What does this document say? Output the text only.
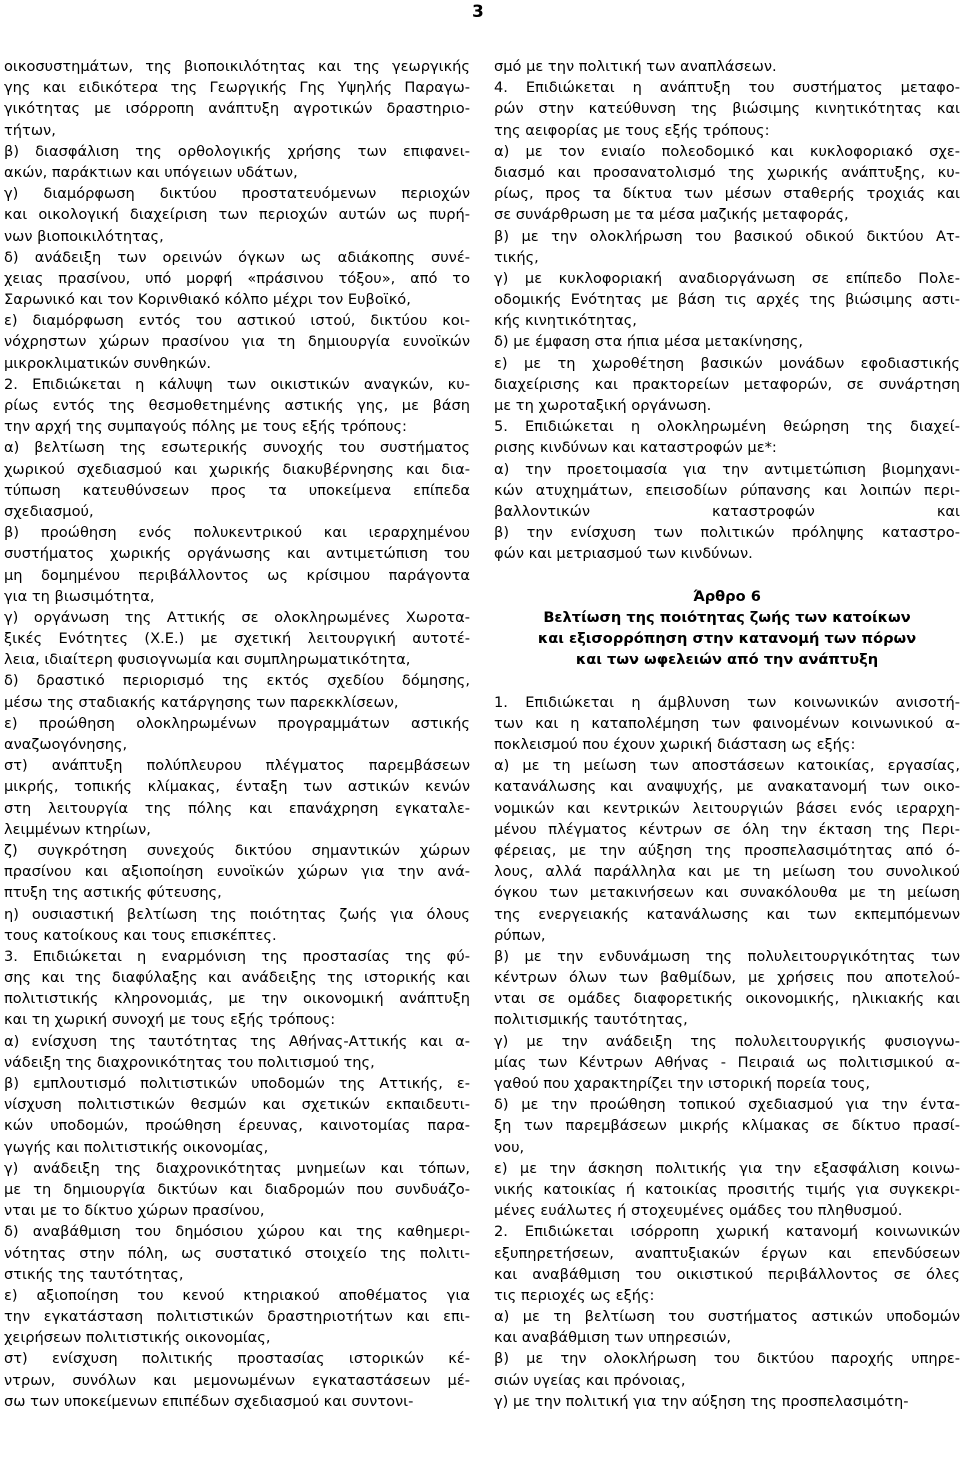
3
οικοσυστημάτων, της βιοποικιλότητας και της γεωργικής
γης και ειδικότερα της Γεωργικής Γης Υψηλής Παραγω-
γικότητας με ισόρροπη ανάπτυξη αγροτικών δραστηριο-
τήτων,
β) διασφάλιση της ορθολογικής χρήσης των επιφανει-
ακών, παράκτιων και υπόγειων υδάτων,
γ) διαμόρφωση δικτύου προστατευόμενων περιοχών
και οικολογική διαχείριση των περιοχών αυτών ως πυρή-
νων βιοποικιλότητας,
δ) ανάδειξη των ορεινών όγκων ως αδιάκοπης συνέ-
χειας πρασίνου, υπό μορφή «πράσινου τόξου», από το
Σαρωνικό και τον Κορινθιακό κόλπο μέχρι τον Ευβοϊκό,
ε) διαμόρφωση εντός του αστικού ιστού, δικτύου κοι-
νόχρηστων χώρων πρασίνου για τη δημιουργία ευνοϊκών
μικροκλιματικών συνθηκών.
2. Επιδιώκεται η κάλυψη των οικιστικών αναγκών, κυ-
ρίως εντός της θεσμοθετημένης αστικής γης, με βάση
την αρχή της συμπαγούς πόλης με τους εξής τρόπους:
α) βελτίωση της εσωτερικής συνοχής του συστήματος
χωρικού σχεδιασμού και χωρικής διακυβέρνησης και δια-
τύπωση κατευθύνσεων προς τα υποκείμενα επίπεδα
σχεδιασμού,
β) προώθηση ενός πολυκεντρικού και ιεραρχημένου
συστήματος χωρικής οργάνωσης και αντιμετώπιση του
μη δομημένου περιβάλλοντος ως κρίσιμου παράγοντα
για τη βιωσιμότητα,
γ) οργάνωση της Αττικής σε ολοκληρωμένες Χωροτα-
ξικές Ενότητες (Χ.Ε.) με σχετική λειτουργική αυτοτέ-
λεια, ιδιαίτερη φυσιογνωμία και συμπληρωματικότητα,
δ) δραστικό περιορισμό της εκτός σχεδίου δόμησης,
μέσω της σταδιακής κατάργησης των παρεκκλίσεων,
ε) προώθηση ολοκληρωμένων προγραμμάτων αστικής
αναζωογόνησης,
στ) ανάπτυξη πολύπλευρου πλέγματος παρεμβάσεων
μικρής, τοπικής κλίμακας, ένταξη των αστικών κενών
στη λειτουργία της πόλης και επανάχρηση εγκαταλε-
λειμμένων κτηρίων,
ζ) συγκρότηση συνεχούς δικτύου σημαντικών χώρων
πρασίνου και αξιοποίηση ευνοϊκών χώρων για την ανά-
πτυξη της αστικής φύτευσης,
η) ουσιαστική βελτίωση της ποιότητας ζωής για όλους
τους κατοίκους και τους επισκέπτες.
3. Επιδιώκεται η εναρμόνιση της προστασίας της φύ-
σης και της διαφύλαξης και ανάδειξης της ιστορικής και
πολιτιστικής κληρονομιάς, με την οικονομική ανάπτυξη
και τη χωρική συνοχή με τους εξής τρόπους:
α) ενίσχυση της ταυτότητας της Αθήνας-Αττικής και α-
νάδειξη της διαχρονικότητας του πολιτισμού της,
β) εμπλουτισμό πολιτιστικών υποδομών της Αττικής, ε-
νίσχυση πολιτιστικών θεσμών και σχετικών εκπαιδευτι-
κών υποδομών, προώθηση έρευνας, καινοτομίας παρα-
γωγής και πολιτιστικής οικονομίας,
γ) ανάδειξη της διαχρονικότητας μνημείων και τόπων,
με τη δημιουργία δικτύων και διαδρομών που συνδυάζο-
νται με το δίκτυο χώρων πρασίνου,
δ) αναβάθμιση του δημόσιου χώρου και της καθημερι-
νότητας στην πόλη, ως συστατικό στοιχείο της πολιτι-
στικής της ταυτότητας,
ε) αξιοποίηση του κενού κτηριακού αποθέματος για
την εγκατάσταση πολιτιστικών δραστηριοτήτων και επι-
χειρήσεων πολιτιστικής οικονομίας,
στ) ενίσχυση πολιτικής προστασίας ιστορικών κέ-
ντρων, συνόλων και μεμονωμένων εγκαταστάσεων μέ-
σω των υποκείμενων επιπέδων σχεδιασμού και συντονι-
σμό με την πολιτική των αναπλάσεων.
4. Επιδιώκεται η ανάπτυξη του συστήματος μεταφο-
ρών στην κατεύθυνση της βιώσιμης κινητικότητας και
της αειφορίας με τους εξής τρόπους:
α) με τον ενιαίο πολεοδομικό και κυκλοφοριακό σχε-
διασμό και προσανατολισμό της χωρικής ανάπτυξης, κυ-
ρίως, προς τα δίκτυα των μέσων σταθερής τροχιάς και
σε συνάρθρωση με τα μέσα μαζικής μεταφοράς,
β) με την ολοκλήρωση του βασικού οδικού δικτύου Ατ-
τικής,
γ) με κυκλοφοριακή αναδιοργάνωση σε επίπεδο Πολε-
οδομικής Ενότητας με βάση τις αρχές της βιώσιμης αστι-
κής κινητικότητας,
δ) με έμφαση στα ήπια μέσα μετακίνησης,
ε) με τη χωροθέτηση βασικών μονάδων εφοδιαστικής
διαχείρισης και πρακτορείων μεταφορών, σε συνάρτηση
με τη χωροταξική οργάνωση.
5. Επιδιώκεται η ολοκληρωμένη θεώρηση της διαχεί-
ρισης κινδύνων και καταστροφών με*:
α) την προετοιμασία για την αντιμετώπιση βιομηχανι-
κών ατυχημάτων, επεισοδίων ρύπανσης και λοιπών περι-
βαλλοντικών καταστροφών και
β) την ενίσχυση των πολιτικών πρόληψης καταστρο-
φών και μετριασμού των κινδύνων.
Άρθρο 6
Βελτίωση της ποιότητας ζωής των κατοίκων
και εξισορρόπηση στην κατανομή των πόρων
και των ωφελειών από την ανάπτυξη
1. Επιδιώκεται η άμβλυνση των κοινωνικών ανισοτή-
των και η καταπολέμηση των φαινομένων κοινωνικού α-
ποκλεισμού που έχουν χωρική διάσταση ως εξής:
α) με τη μείωση των αποστάσεων κατοικίας, εργασίας,
κατανάλωσης και αναψυχής, με ανακατανομή των οικο-
νομικών και κεντρικών λειτουργιών βάσει ενός ιεραρχη-
μένου πλέγματος κέντρων σε όλη την έκταση της Περι-
φέρειας, με την αύξηση της προσπελασιμότητας από ό-
λους, αλλά παράλληλα και με τη μείωση του συνολικού
όγκου των μετακινήσεων και συνακόλουθα με τη μείωση
της ενεργειακής κατανάλωσης και των εκπεμπόμενων
ρύπων,
β) με την ενδυνάμωση της πολυλειτουργικότητας των
κέντρων όλων των βαθμίδων, με χρήσεις που αποτελού-
νται σε ομάδες διαφορετικής οικονομικής, ηλικιακής και
πολιτισμικής ταυτότητας,
γ) με την ανάδειξη της πολυλειτουργικής φυσιογνω-
μίας των Κέντρων Αθήνας - Πειραιά ως πολιτισμικού α-
γαθού που χαρακτηρίζει την ιστορική πορεία τους,
δ) με την προώθηση τοπικού σχεδιασμού για την έντα-
ξη των παρεμβάσεων μικρής κλίμακας σε δίκτυο πρασί-
νου,
ε) με την άσκηση πολιτικής για την εξασφάλιση κοινω-
νικής κατοικίας ή κατοικίας προσιτής τιμής για συγκεκρι-
μένες ευάλωτες ή στοχευμένες ομάδες του πληθυσμού.
2. Επιδιώκεται ισόρροπη χωρική κατανομή κοινωνικών
εξυπηρετήσεων, αναπτυξιακών έργων και επενδύσεων
και αναβάθμιση του οικιστικού περιβάλλοντος σε όλες
τις περιοχές ως εξής:
α) με τη βελτίωση του συστήματος αστικών υποδομών
και αναβάθμιση των υπηρεσιών,
β) με την ολοκλήρωση του δικτύου παροχής υπηρε-
σιών υγείας και πρόνοιας,
γ) με την πολιτική για την αύξηση της προσπελασιμότη-
